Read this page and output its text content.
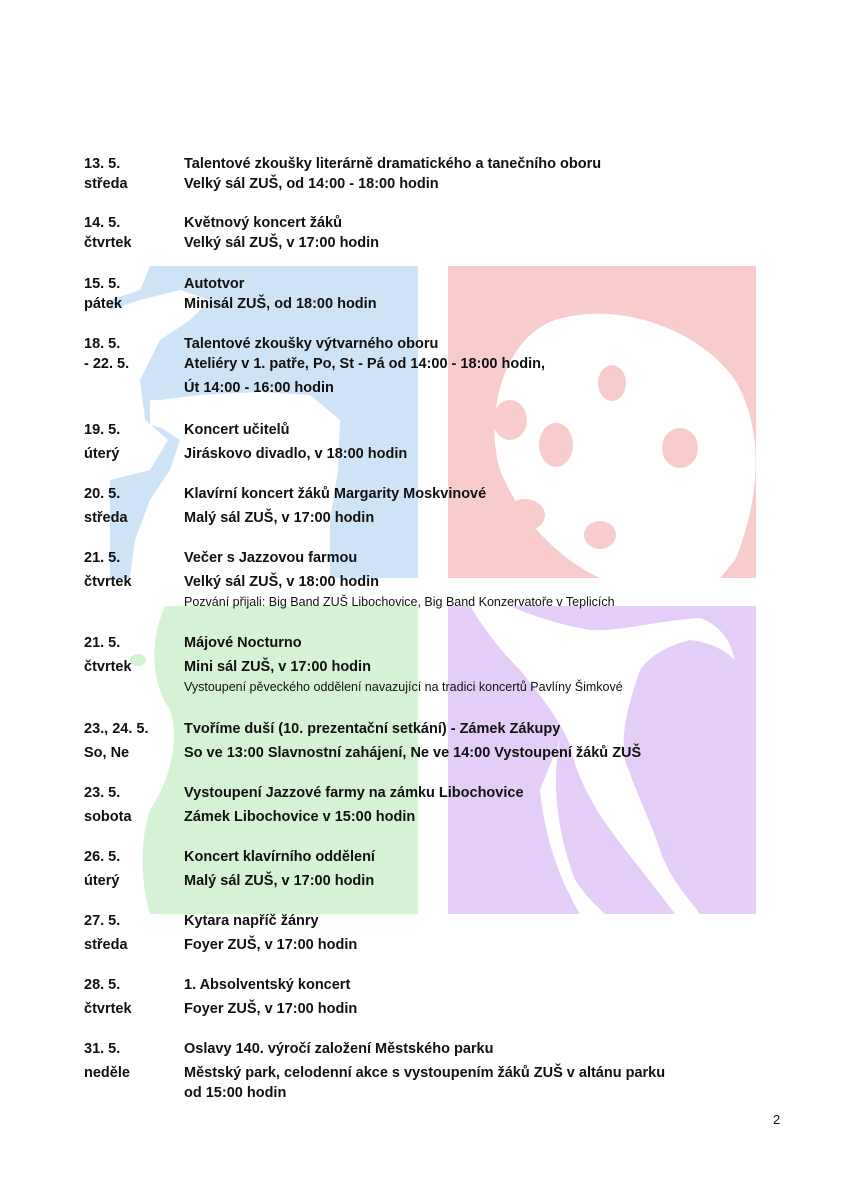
13. 5.	Talentové zkoušky literárně dramatického a tanečního oboru
středa	Velký sál ZUŠ, od 14:00 - 18:00 hodin
14. 5.	Květnový koncert žáků
čtvrtek	Velký sál ZUŠ, v 17:00 hodin
15. 5.	Autotvor
pátek	Minisál ZUŠ, od 18:00 hodin
18. 5.	Talentové zkoušky výtvarného oboru
- 22. 5.	Ateliéry v 1. patře, Po, St - Pá od 14:00 - 18:00 hodin,
Út 14:00 - 16:00 hodin
19. 5.	Koncert učitelů
úterý	Jiráskovo divadlo, v 18:00 hodin
20. 5.	Klavírní koncert žáků Margarity Moskvinové
středa	Malý sál ZUŠ, v 17:00 hodin
21. 5.	Večer s Jazzovou farmou
čtvrtek	Velký sál ZUŠ, v 18:00 hodin
Pozvání přijali: Big Band ZUŠ Libochovice, Big Band Konzervatoře v Teplicích
21. 5.	Májové Nocturno
čtvrtek	Mini sál ZUŠ, v 17:00 hodin
Vystoupení pěveckého oddělení navazující na tradici koncertů Pavlíny Šimkové
23., 24. 5. Tvoříme duší (10. prezentační setkání) - Zámek Zákupy
So, Ne	So ve 13:00 Slavnostní zahájení, Ne ve 14:00 Vystoupení žáků ZUŠ
23. 5.	Vystoupení Jazzové farmy na zámku Libochovice
sobota	Zámek Libochovice v 15:00 hodin
26. 5.	Koncert klavírního oddělení
úterý	Malý sál ZUŠ, v 17:00 hodin
27. 5.	Kytara napříč žánry
středa	Foyer ZUŠ, v 17:00 hodin
28. 5.	1. Absolventský koncert
čtvrtek	Foyer ZUŠ, v 17:00 hodin
31. 5.	Oslavy 140. výročí založení Městského parku
neděle	Městský park, celodenní akce s vystoupením žáků ZUŠ v altánu parku
od 15:00 hodin
2
